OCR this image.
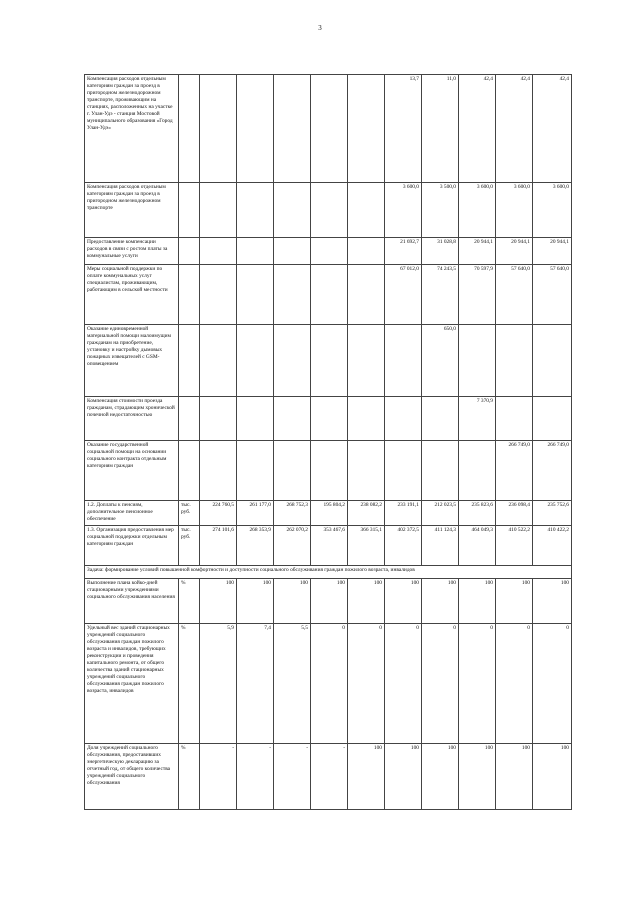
3
Компенсация расходов отдельным категориям граждан за проезд в пригородном железнодорожном транспорте, проживающим на станциях, расположенных на участке г. Улан-Удэ - станция Мостовой муниципального образования «Город Улан-Удэ»							13,7	11,0	42,4	42,4	42,4
Компенсация расходов отдельным категориям граждан за проезд в пригородном железнодорожном транспорте							3 600,0	3 500,0	3 600,0	3 600,0	3 600,0
Предоставление компенсации расходов в связи с ростом платы за коммунальные услуги							21 692,7	31 028,8	20 944,1	20 944,1	20 944,1
Меры социальной поддержки по оплате коммунальных услуг специалистам, проживающим, работающим в сельской местности							67 012,0	74 243,5	70 597,9	57 640,0	57 640,0
Оказание единовременной материальной помощи малоимущим гражданам на приобретение, установку и настройку дымовых пожарных извещателей с GSM-оповещением								650,0			
Компенсация стоимости проезда гражданам, страдающим хронической почечной недостаточностью									7 370,9		
Оказание государственной социальной помощи на основании социального контракта отдельным категориям граждан										266 749,0	266 749,0
1.2. Доплаты к пенсиям, дополнительное пенсионное обеспечение	тыс. руб.	224 760,5	261 177,0	268 752,3	195 804,2	238 082,2	233 191,1	212 023,5	235 823,6	236 098,4	235 752,6
1.3. Организация предоставления мер социальной поддержки отдельным категориям граждан	тыс. руб.	274 101,6	268 353,9	262 070,2	353 467,6	366 315,1	402 372,5	411 124,3	464 049,3	410 522,2	410 422,2
Задача: формирование условий повышенной комфортности и доступности социального обслуживания граждан пожилого возраста, инвалидов											
Выполнение плана койко-дней стационарными учреждениями социального обслуживания населения	%	100	100	100	100	100	100	100	100	100	100
Удельный вес зданий стационарных учреждений социального обслуживания граждан пожилого возраста и инвалидов, требующих реконструкции и проведения капитального ремонта, от общего количества зданий стационарных учреждений социального обслуживания граждан пожилого возраста, инвалидов	%	5,9	7,4	5,5	0	0	0	0	0	0	0
Доля учреждений социального обслуживания, предоставивших энергетическую декларацию за отчетный год, от общего количества учреждений социального обслуживания	%	-	-	-	-	100	100	100	100	100	100
